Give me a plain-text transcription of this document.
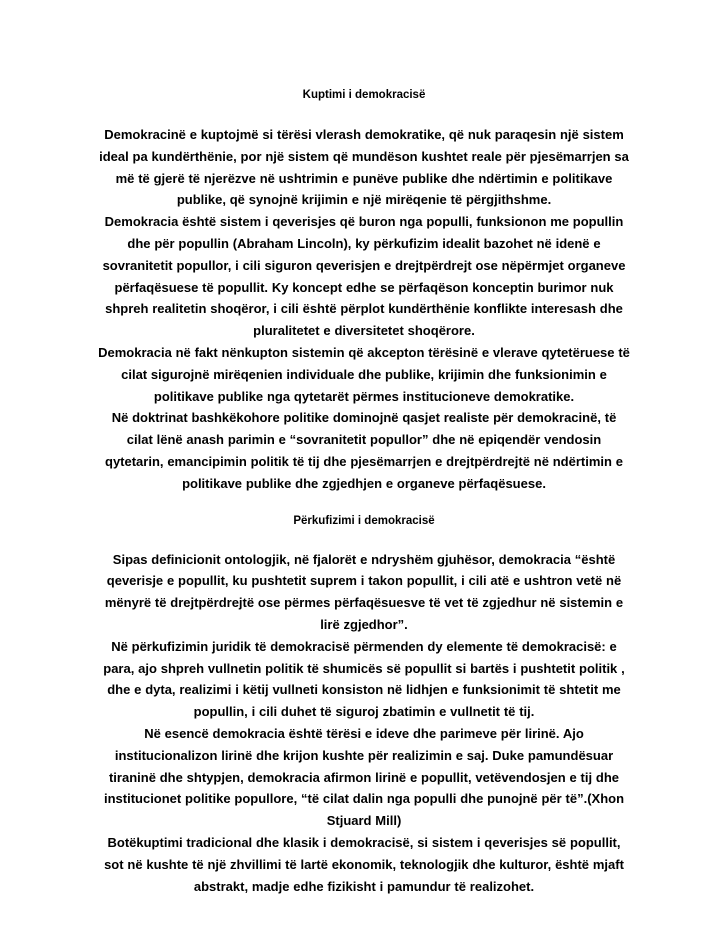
Kuptimi i demokracisë

Demokracinë e kuptojmë si tërësi vlerash demokratike, që nuk paraqesin një sistem ideal pa kundërthënie, por një sistem që mundëson kushtet reale për pjesëmarrjen sa më të gjerë të njerëzve në ushtrimin e punëve publike dhe ndërtimin e politikave publike, që synojnë krijimin e një mirëqenie të përgjithshme.

Demokracia është sistem i qeverisjes që buron nga populli, funksionon me popullin dhe për popullin (Abraham Lincoln), ky përkufizim idealit bazohet në idenë e sovranitetit popullor, i cili siguron qeverisjen e drejtpërdrejt ose nëpërmjet organeve përfaqësuese të popullit. Ky koncept edhe se përfaqëson konceptin burimor nuk shpreh realitetin shoqëror, i cili është përplot kundërthënie konflikte interesash dhe pluralitetet e diversitetet shoqërore.

Demokracia në fakt nënkupton sistemin që akcepton tërësinë e vlerave qytetëruese të cilat sigurojnë mirëqenien individuale dhe publike, krijimin dhe funksionimin e politikave publike nga qytetarët përmes institucioneve demokratike.

Në doktrinat bashkëkohore politike dominojnë qasjet realiste për demokracinë, të cilat lënë anash parimin e “sovranitetit popullor” dhe në epiqendër vendosin qytetarin, emancipimin politik të tij dhe pjesëmarrjen e drejtpërdrejtë në ndërtimin e politikave publike dhe zgjedhjen e organeve përfaqësuese.

Përkufizimi i demokracisë

Sipas definicionit ontologjik, në fjalorët e ndryshëm gjuhësor, demokracia “është qeverisje e popullit, ku pushtetit suprem i takon popullit, i cili atë e ushtron vetë në mënyrë të drejtpërdrejtë ose përmes përfaqësuesve të vet të zgjedhur në sistemin e lirë zgjedhor”.

Në përkufizimin juridik të demokracisë përmenden dy elemente të demokracisë: e para, ajo shpreh vullnetin politik të shumicës së popullit si bartës i pushtetit politik , dhe e dyta, realizimi i këtij vullneti konsiston në lidhjen e funksionimit të shtetit me popullin, i cili duhet të siguroj zbatimin e vullnetit të tij.

Në esencë demokracia është tërësi e ideve dhe parimeve për lirinë. Ajo institucionalizon lirinë dhe krijon kushte për realizimin e saj. Duke pamundësuar tiraninë dhe shtypjen, demokracia afirmon lirinë e popullit, vetëvendosjen e tij dhe institucionet politike popullore, “të cilat dalin nga populli dhe punojnë për të”.(Xhon Stjuard Mill)

Botëkuptimi tradicional dhe klasik i demokracisë, si sistem i qeverisjes së popullit, sot në kushte të një zhvillimi të lartë ekonomik, teknologjik dhe kulturor, është mjaft abstrakt, madje edhe fizikisht i pamundur të realizohet.
